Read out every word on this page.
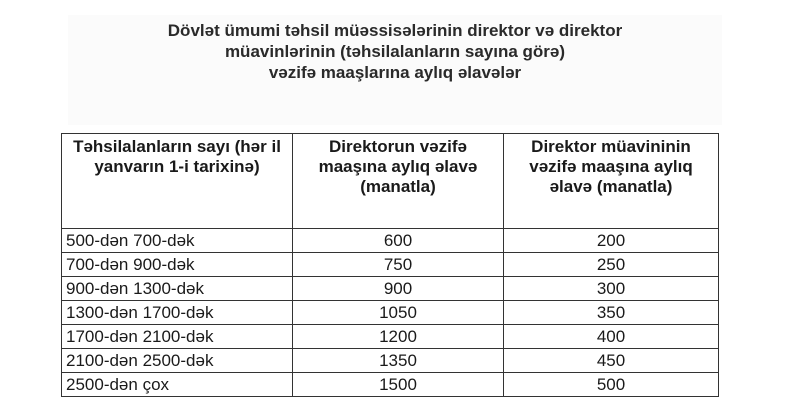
Dövlət ümumi təhsil müəssisələrinin direktor və direktor
müavinlərinin (təhsilalanların sayına görə)
vəzifə maaşlarına aylıq əlavələr
Təhsilalanların sayı (hər il yanvarın 1-i tarixinə)	Direktorun vəzifə maaşına aylıq əlavə (manatla)	Direktor müavininin vəzifə maaşına aylıq əlavə (manatla)
500-dən 700-dək	600	200
700-dən 900-dək	750	250
900-dən 1300-dək	900	300
1300-dən 1700-dək	1050	350
1700-dən 2100-dək	1200	400
2100-dən 2500-dək	1350	450
2500-dən çox	1500	500
